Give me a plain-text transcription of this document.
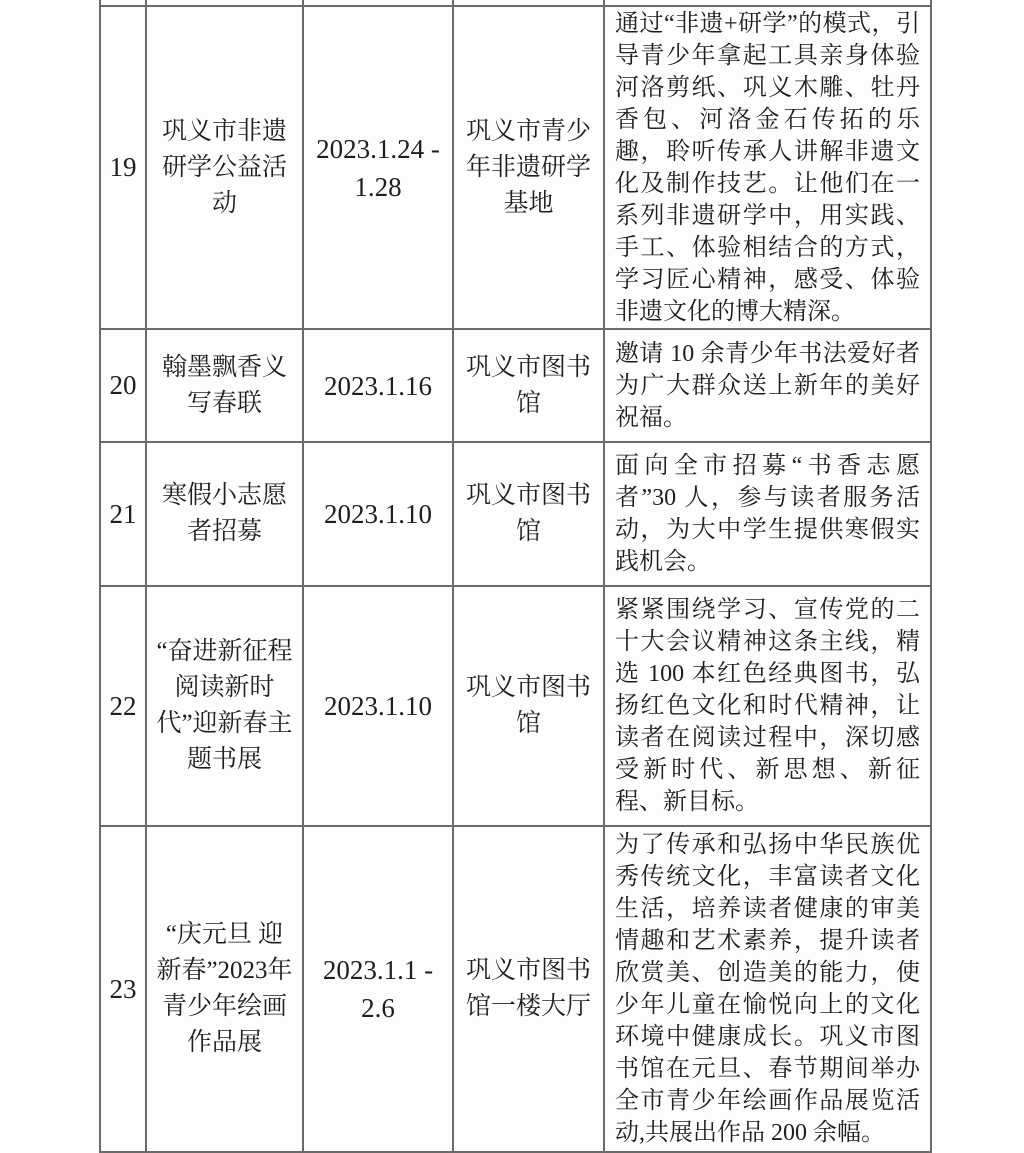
19
巩义市非遗研学公益活动
2023.1.24 - 1.28
巩义市青少年非遗研学基地
通过“非遗+研学”的模式，引导青少年拿起工具亲身体验河洛剪纸、巩义木雕、牡丹香包、河洛金石传拓的乐趣，聆听传承人讲解非遗文化及制作技艺。让他们在一系列非遗研学中，用实践、手工、体验相结合的方式，学习匠心精神，感受、体验非遗文化的博大精深。
20
翰墨飘香义写春联
2023.1.16
巩义市图书馆
邀请 10 余青少年书法爱好者为广大群众送上新年的美好祝福。
21
寒假小志愿者招募
2023.1.10
巩义市图书馆
面向全市招募“书香志愿者”30 人，参与读者服务活动，为大中学生提供寒假实践机会。
22
“奋进新征程 阅读新时代”迎新春主题书展
2023.1.10
巩义市图书馆
紧紧围绕学习、宣传党的二十大会议精神这条主线，精选 100 本红色经典图书，弘扬红色文化和时代精神，让读者在阅读过程中，深切感受新时代、新思想、新征程、新目标。
23
“庆元旦 迎新春”2023年青少年绘画作品展
2023.1.1 - 2.6
巩义市图书馆一楼大厅
为了传承和弘扬中华民族优秀传统文化，丰富读者文化生活，培养读者健康的审美情趣和艺术素养，提升读者欣赏美、创造美的能力，使少年儿童在愉悦向上的文化环境中健康成长。巩义市图书馆在元旦、春节期间举办全市青少年绘画作品展览活动,共展出作品 200 余幅。
